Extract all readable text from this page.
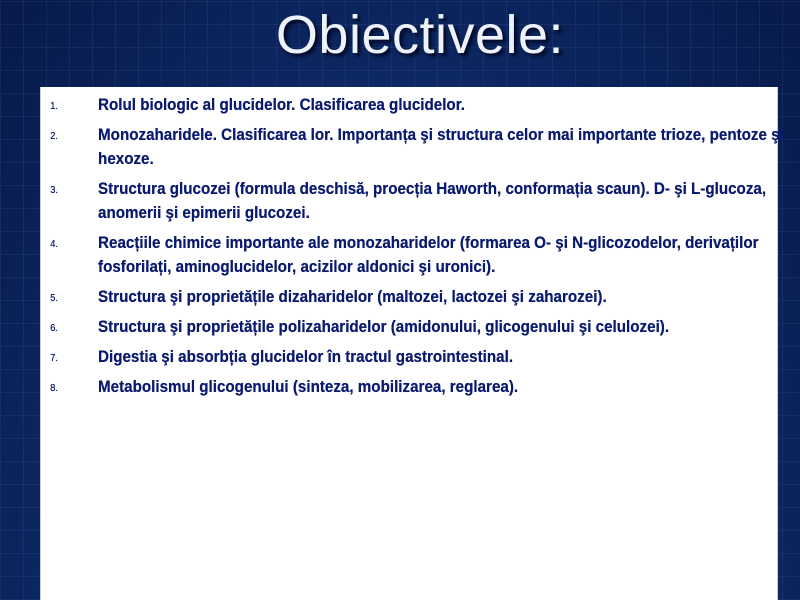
Obiectivele:
1. Rolul biologic al glucidelor. Clasificarea glucidelor.
2. Monozaharidele. Clasificarea lor. Importanța şi structura celor mai importante trioze, pentoze şi hexoze.
3. Structura glucozei (formula deschisă, proecția Haworth, conformația scaun). D- şi L-glucoza, anomerii şi epimerii glucozei.
4. Reacțiile chimice importante ale monozaharidelor (formarea O- şi N-glicozodelor, derivaților fosforilați, aminoglucidelor, acizilor aldonici şi uronici).
5. Structura şi proprietățile dizaharidelor (maltozei, lactozei şi zaharozei).
6. Structura şi proprietățile polizaharidelor (amidonului, glicogenului şi celulozei).
7. Digestia şi absorbția glucidelor în tractul gastrointestinal.
8. Metabolismul glicogenului (sinteza, mobilizarea, reglarea).
